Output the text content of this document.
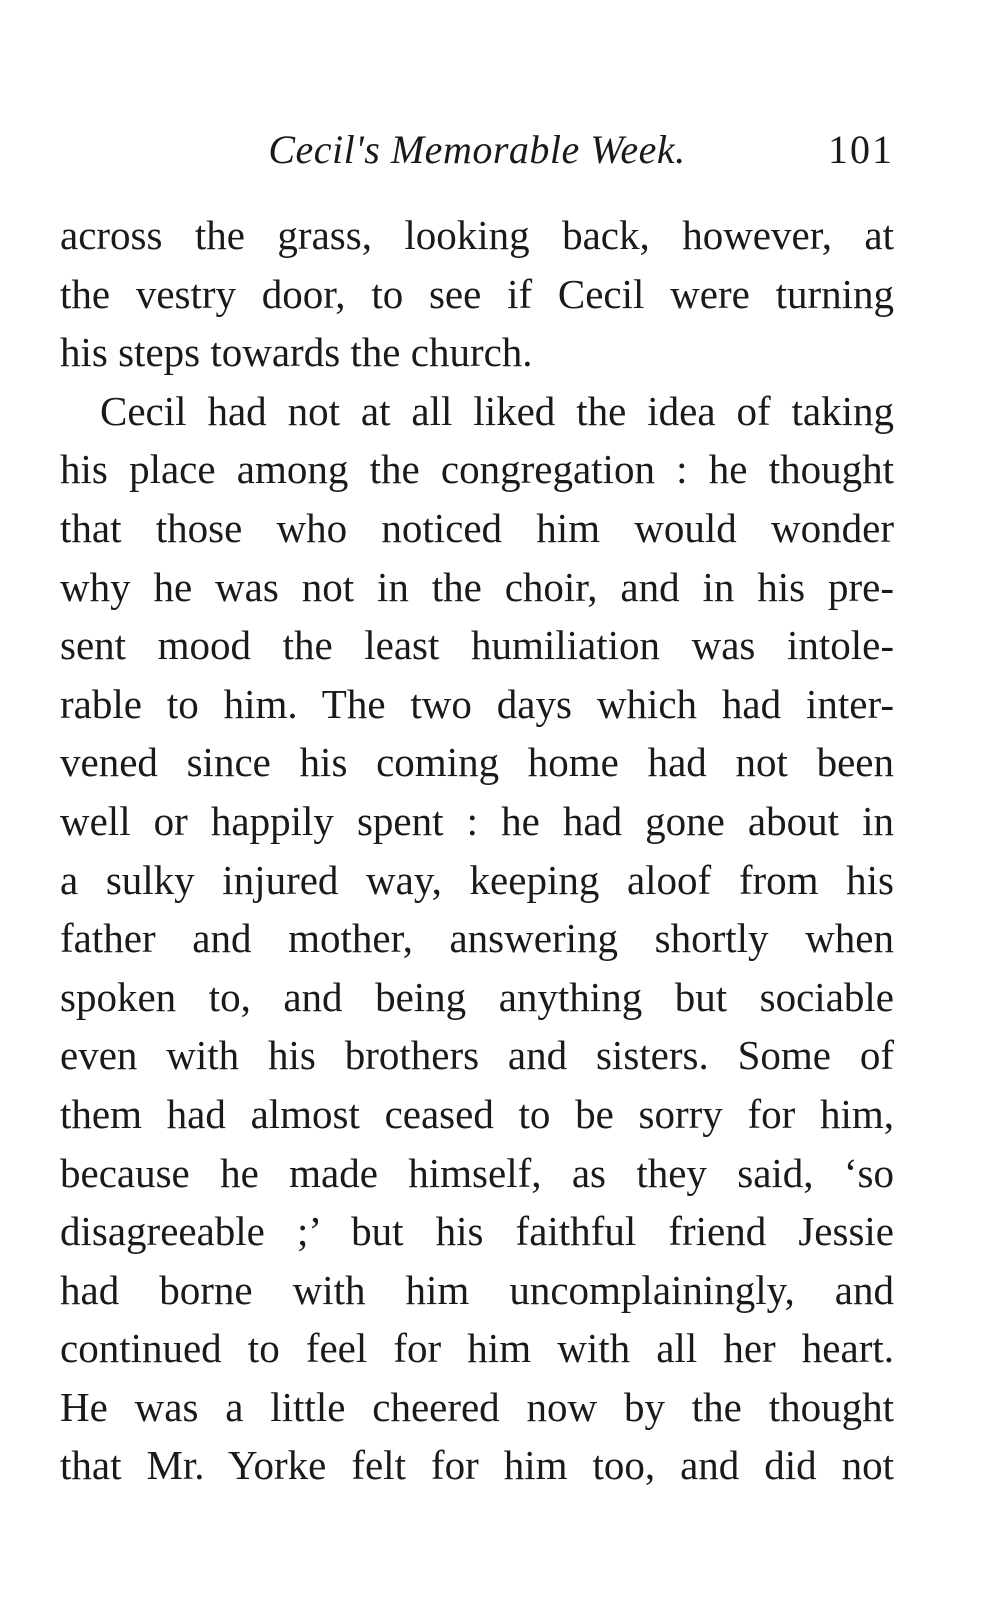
Cecil's Memorable Week.	101
across the grass, looking back, however, at
the vestry door, to see if Cecil were turning
his steps towards the church.
Cecil had not at all liked the idea of taking
his place among the congregation : he thought
that those who noticed him would wonder
why he was not in the choir, and in his pre-
sent mood the least humiliation was intole-
rable to him. The two days which had inter-
vened since his coming home had not been
well or happily spent : he had gone about in
a sulky injured way, keeping aloof from his
father and mother, answering shortly when
spoken to, and being anything but sociable
even with his brothers and sisters. Some of
them had almost ceased to be sorry for him,
because he made himself, as they said, ‘so
disagreeable ;’ but his faithful friend Jessie
had borne with him uncomplainingly, and
continued to feel for him with all her heart.
He was a little cheered now by the thought
that Mr. Yorke felt for him too, and did not
